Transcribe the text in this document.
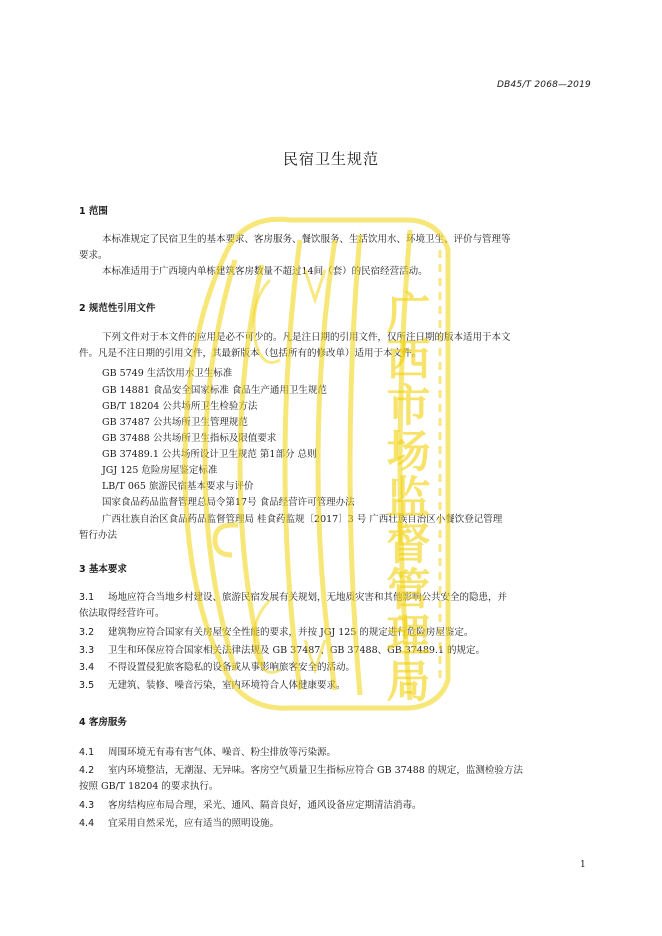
DB45/T 2068—2019
民宿卫生规范
1 范围
本标准规定了民宿卫生的基本要求、客房服务、餐饮服务、生活饮用水、环境卫生、评价与管理等
要求。
本标准适用于广西境内单栋建筑客房数量不超过14间（套）的民宿经营活动。
2 规范性引用文件
下列文件对于本文件的应用是必不可少的。凡是注日期的引用文件，仅所注日期的版本适用于本文
件。凡是不注日期的引用文件，其最新版本（包括所有的修改单）适用于本文件。
GB 5749 生活饮用水卫生标准
GB 14881 食品安全国家标准 食品生产通用卫生规范
GB/T 18204 公共场所卫生检验方法
GB 37487 公共场所卫生管理规范
GB 37488 公共场所卫生指标及限值要求
GB 37489.1 公共场所设计卫生规范 第1部分 总则
JGJ 125 危险房屋鉴定标准
LB/T 065 旅游民宿基本要求与评价
国家食品药品监督管理总局令第17号 食品经营许可管理办法
广西壮族自治区食品药品监督管理局 桂食药监规〔2017〕3 号 广西壮族自治区小餐饮登记管理
暂行办法
3 基本要求
3.1 场地应符合当地乡村建设、旅游民宿发展有关规划，无地质灾害和其他影响公共安全的隐患，并
依法取得经营许可。
3.2 建筑物应符合国家有关房屋安全性能的要求，并按 JGJ 125 的规定进行危险房屋鉴定。
3.3 卫生和环保应符合国家相关法律法规及 GB 37487、GB 37488、GB 37489.1 的规定。
3.4 不得设置侵犯旅客隐私的设备或从事影响旅客安全的活动。
3.5 无建筑、装修、噪音污染，室内环境符合人体健康要求。
4 客房服务
4.1 周围环境无有毒有害气体、噪音、粉尘排放等污染源。
4.2 室内环境整洁，无潮湿、无异味。客房空气质量卫生指标应符合 GB 37488 的规定，监测检验方法
按照 GB/T 18204 的要求执行。
4.3 客房结构应布局合理，采光、通风、隔音良好，通风设备应定期清洁消毒。
4.4 宜采用自然采光，应有适当的照明设施。
1
广西市场监督管理局
